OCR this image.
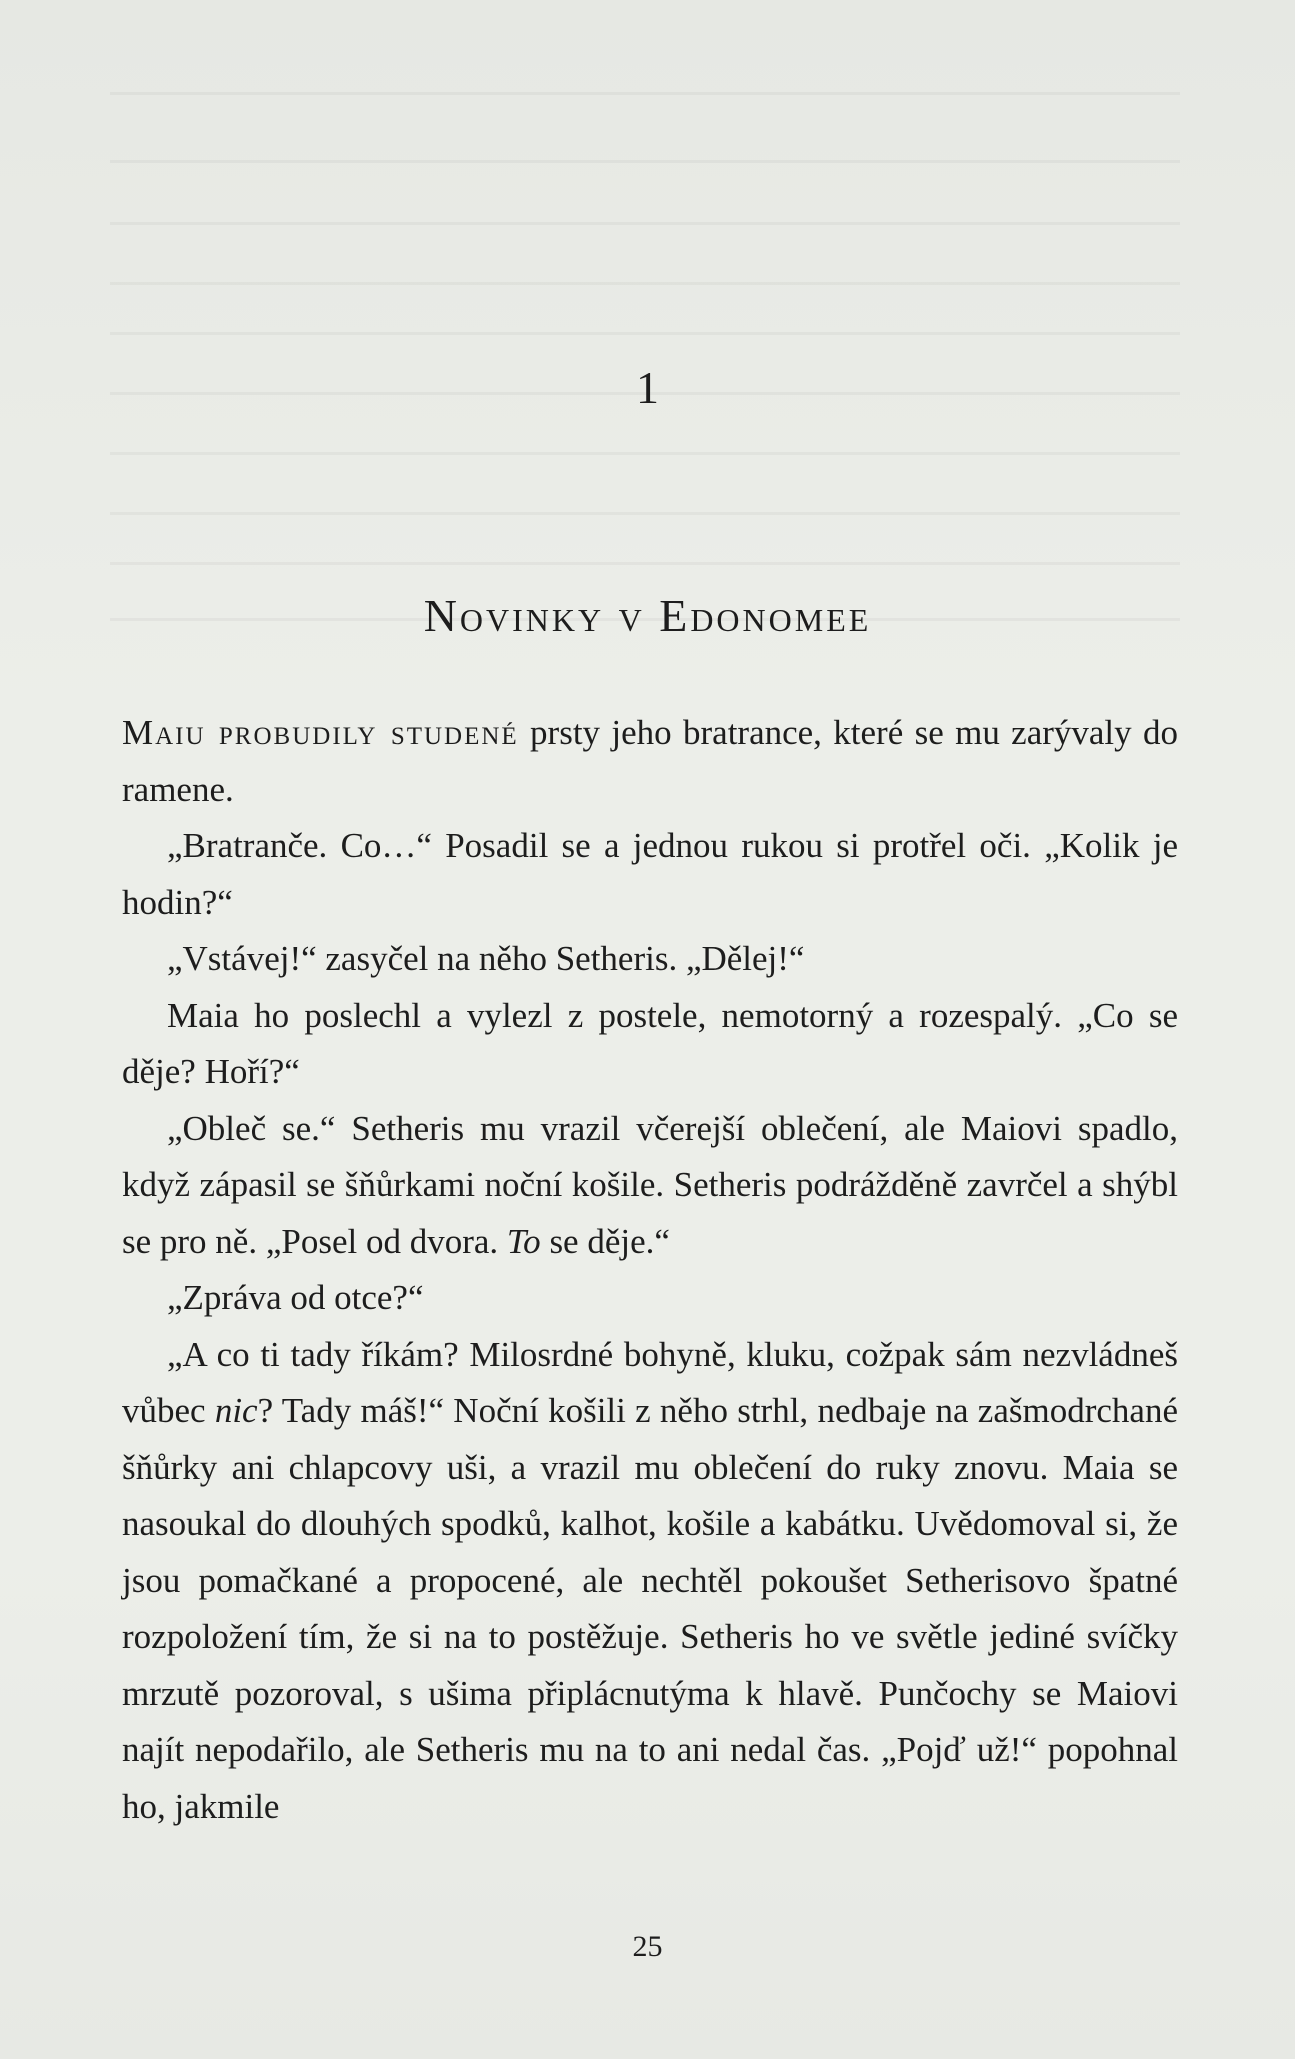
1
Novinky v Edonomee

Maiu probudily studené prsty jeho bratrance, které se mu zarývaly do ramene.

„Bratranče. Co…“ Posadil se a jednou rukou si protřel oči. „Kolik je hodin?“

„Vstávej!“ zasyčel na něho Setheris. „Dělej!“

Maia ho poslechl a vylezl z postele, nemotorný a rozespalý. „Co se děje? Hoří?“

„Obleč se.“ Setheris mu vrazil včerejší oblečení, ale Maiovi spadlo, když zápasil se šňůrkami noční košile. Setheris podrážděně zavrčel a shýbl se pro ně. „Posel od dvora. To se děje.“

„Zpráva od otce?“

„A co ti tady říkám? Milosrdné bohyně, kluku, cožpak sám nezvládneš vůbec nic? Tady máš!“ Noční košili z něho strhl, nedbaje na zašmodrchané šňůrky ani chlapcovy uši, a vrazil mu oblečení do ruky znovu. Maia se nasoukal do dlouhých spodků, kalhot, košile a kabátku. Uvědomoval si, že jsou pomačkané a propocené, ale nechtěl pokoušet Setherisovo špatné rozpoložení tím, že si na to postěžuje. Setheris ho ve světle jediné svíčky mrzutě pozoroval, s ušima připlácnutýma k hlavě. Punčochy se Maiovi najít nepodařilo, ale Setheris mu na to ani nedal čas. „Pojď už!“ popohnal ho, jakmile

25
